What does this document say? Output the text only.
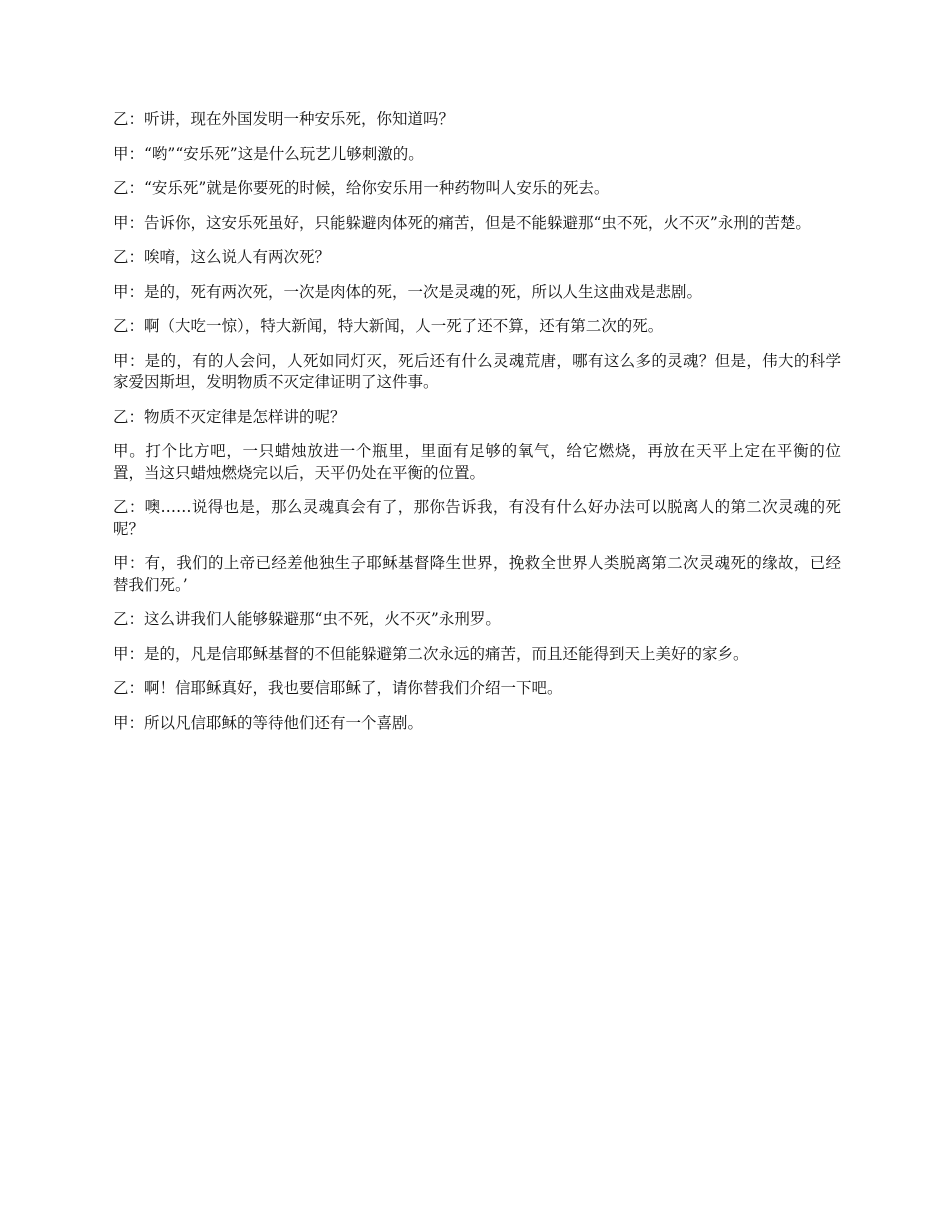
乙：听讲，现在外国发明一种安乐死，你知道吗？

甲：“哟”“安乐死”这是什么玩艺儿够刺激的。

乙：“安乐死”就是你要死的时候，给你安乐用一种药物叫人安乐的死去。

甲：告诉你，这安乐死虽好，只能躲避肉体死的痛苦，但是不能躲避那“虫不死，火不灭”永刑的苦楚。

乙：唉唷，这么说人有两次死？

甲：是的，死有两次死，一次是肉体的死，一次是灵魂的死，所以人生这曲戏是悲剧。

乙：啊（大吃一惊），特大新闻，特大新闻，人一死了还不算，还有第二次的死。

甲：是的，有的人会问，人死如同灯灭，死后还有什么灵魂荒唐，哪有这么多的灵魂？但是，伟大的科学家爱因斯坦，发明物质不灭定律证明了这件事。

乙：物质不灭定律是怎样讲的呢？

甲。打个比方吧，一只蜡烛放进一个瓶里，里面有足够的氧气，给它燃烧，再放在天平上定在平衡的位置，当这只蜡烛燃烧完以后，天平仍处在平衡的位置。

乙：噢……说得也是，那么灵魂真会有了，那你告诉我，有没有什么好办法可以脱离人的第二次灵魂的死呢？

甲：有，我们的上帝已经差他独生子耶稣基督降生世界，挽救全世界人类脱离第二次灵魂死的缘故，已经替我们死。’

乙：这么讲我们人能够躲避那“虫不死，火不灭”永刑罗。

甲：是的，凡是信耶稣基督的不但能躲避第二次永远的痛苦，而且还能得到天上美好的家乡。

乙：啊！信耶稣真好，我也要信耶稣了，请你替我们介绍一下吧。

甲：所以凡信耶稣的等待他们还有一个喜剧。
